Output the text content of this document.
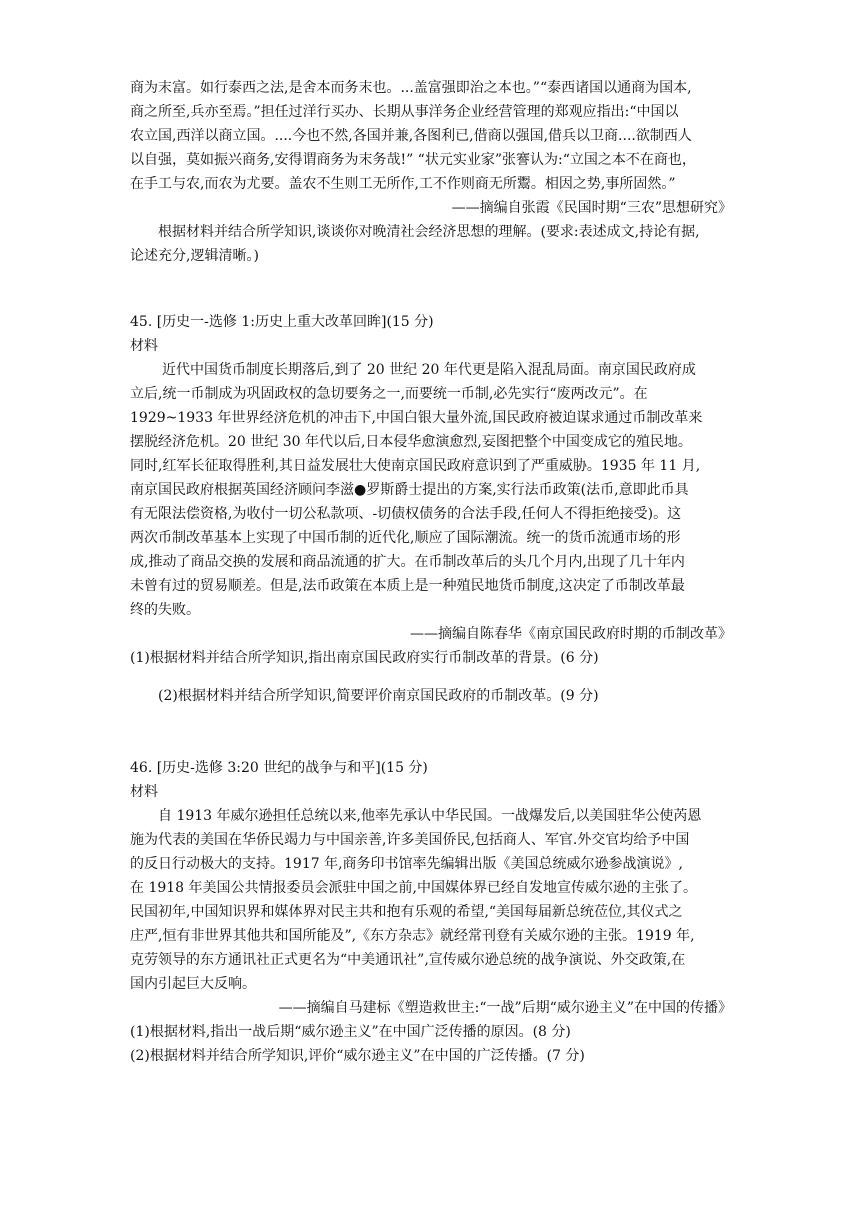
商为末富。如行泰西之法,是舍本而务末也。...盖富强即治之本也。”“泰西诸国以通商为国本,
商之所至,兵亦至焉。”担任过洋行买办、长期从事洋务企业经营管理的郑观应指出:“中国以
农立国,西洋以商立国。....今也不然,各国并兼,各图利已,借商以强国,借兵以卫商....欲制西人
以自强，莫如振兴商务,安得谓商务为末务哉!” “状元实业家”张謇认为:“立国之本不在商也，
在手工与农,而农为尤要。盖农不生则工无所作,工不作则商无所鬻。相因之势,事所固然。”
——摘编自张霞《民国时期“三农”思想研究》
根据材料并结合所学知识,谈谈你对晚清社会经济思想的理解。(要求:表述成文,持论有据,
论述充分,逻辑清晰。)
45. [历史一-选修 1:历史上重大改革回眸](15 分)
材料
近代中国货币制度长期落后,到了 20 世纪 20 年代更是陷入混乱局面。南京国民政府成
立后,统一币制成为巩固政权的急切要务之一,而要统一币制,必先实行“废两改元”。在
1929~1933 年世界经济危机的冲击下,中国白银大量外流,国民政府被迫谋求通过币制改革来
摆脱经济危机。20 世纪 30 年代以后,日本侵华愈演愈烈,妄图把整个中国变成它的殖民地。
同时,红军长征取得胜利,其日益发展壮大使南京国民政府意识到了严重威胁。1935 年 11 月,
南京国民政府根据英国经济顾问李滋●罗斯爵士提出的方案,实行法币政策(法币,意即此币具
有无限法偿资格,为收付一切公私款项、-切债权债务的合法手段,任何人不得拒绝接受)。这
两次币制改革基本上实现了中国币制的近代化,顺应了国际潮流。统一的货币流通市场的形
成,推动了商品交换的发展和商品流通的扩大。在币制改革后的头几个月内,出现了几十年内
未曾有过的贸易顺差。但是,法币政策在本质上是一种殖民地货币制度,这决定了币制改革最
终的失败。
——摘编自陈春华《南京国民政府时期的币制改革》
(1)根据材料并结合所学知识,指出南京国民政府实行币制改革的背景。(6 分)
(2)根据材料并结合所学知识,简要评价南京国民政府的币制改革。(9 分)
46. [历史-选修 3:20 世纪的战争与和平](15 分)
材料
自 1913 年威尔逊担任总统以来,他率先承认中华民国。一战爆发后,以美国驻华公使芮恩
施为代表的美国在华侨民竭力与中国亲善,许多美国侨民,包括商人、军官.外交官均给予中国
的反日行动极大的支持。1917 年,商务印书馆率先编辑出版《美国总统威尔逊参战演说》,
在 1918 年美国公共情报委员会派驻中国之前,中国媒体界已经自发地宣传威尔逊的主张了。
民国初年,中国知识界和媒体界对民主共和抱有乐观的希望,“美国每届新总统莅位,其仪式之
庄严,恒有非世界其他共和国所能及”,《东方杂志》就经常刊登有关威尔逊的主张。1919 年,
克劳领导的东方通讯社正式更名为“中美通讯社”,宣传威尔逊总统的战争演说、外交政策,在
国内引起巨大反响。
——摘编自马建标《塑造救世主:“一战”后期“威尔逊主义”在中国的传播》
(1)根据材料,指出一战后期“威尔逊主义”在中国广泛传播的原因。(8 分)
(2)根据材料并结合所学知识,评价“威尔逊主义”在中国的广泛传播。(7 分)
